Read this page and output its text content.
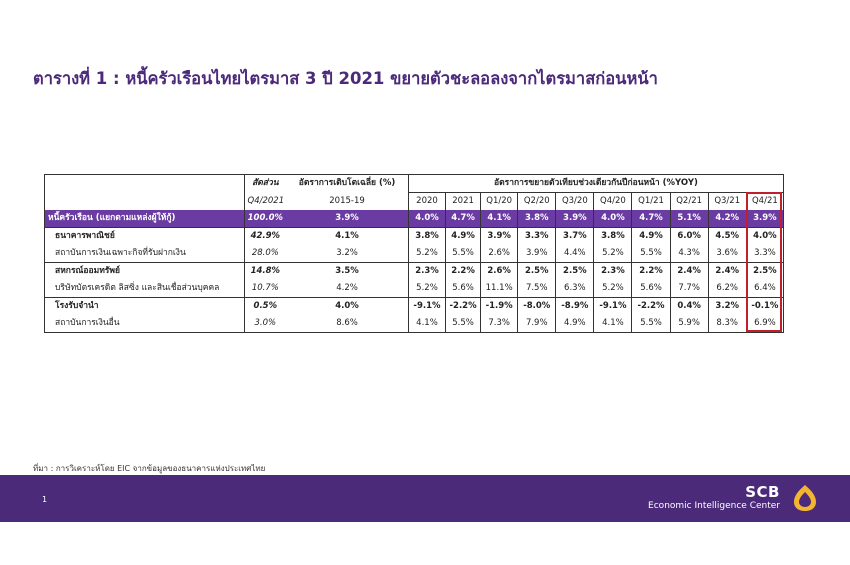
ตารางที่ 1 : หนี้ครัวเรือนไทยไตรมาส 3 ปี 2021 ขยายตัวชะลอลงจากไตรมาสก่อนหน้า
	สัดส่วน	อัตราการเติบโตเฉลี่ย (%)	อัตราการขยายตัวเทียบช่วงเดียวกันปีก่อนหน้า (%YOY)									
	Q4/2021	2015-19	2020	2021	Q1/20	Q2/20	Q3/20	Q4/20	Q1/21	Q2/21	Q3/21	Q4/21
หนี้ครัวเรือน (แยกตามแหล่งผู้ให้กู้)	100.0%	3.9%	4.0%	4.7%	4.1%	3.8%	3.9%	4.0%	4.7%	5.1%	4.2%	3.9%
ธนาคารพาณิชย์	42.9%	4.1%	3.8%	4.9%	3.9%	3.3%	3.7%	3.8%	4.9%	6.0%	4.5%	4.0%
สถาบันการเงินเฉพาะกิจที่รับฝากเงิน	28.0%	3.2%	5.2%	5.5%	2.6%	3.9%	4.4%	5.2%	5.5%	4.3%	3.6%	3.3%
สหกรณ์ออมทรัพย์	14.8%	3.5%	2.3%	2.2%	2.6%	2.5%	2.5%	2.3%	2.2%	2.4%	2.4%	2.5%
บริษัทบัตรเครดิต ลิสซิ่ง และสินเชื่อส่วนบุคคล	10.7%	4.2%	5.2%	5.6%	11.1%	7.5%	6.3%	5.2%	5.6%	7.7%	6.2%	6.4%
โรงรับจำนำ	0.5%	4.0%	-9.1%	-2.2%	-1.9%	-8.0%	-8.9%	-9.1%	-2.2%	0.4%	3.2%	-0.1%
สถาบันการเงินอื่น	3.0%	8.6%	4.1%	5.5%	7.3%	7.9%	4.9%	4.1%	5.5%	5.9%	8.3%	6.9%
ที่มา : การวิเคราะห์โดย EIC จากข้อมูลของธนาคารแห่งประเทศไทย
1	SCB
Economic Intelligence Center
